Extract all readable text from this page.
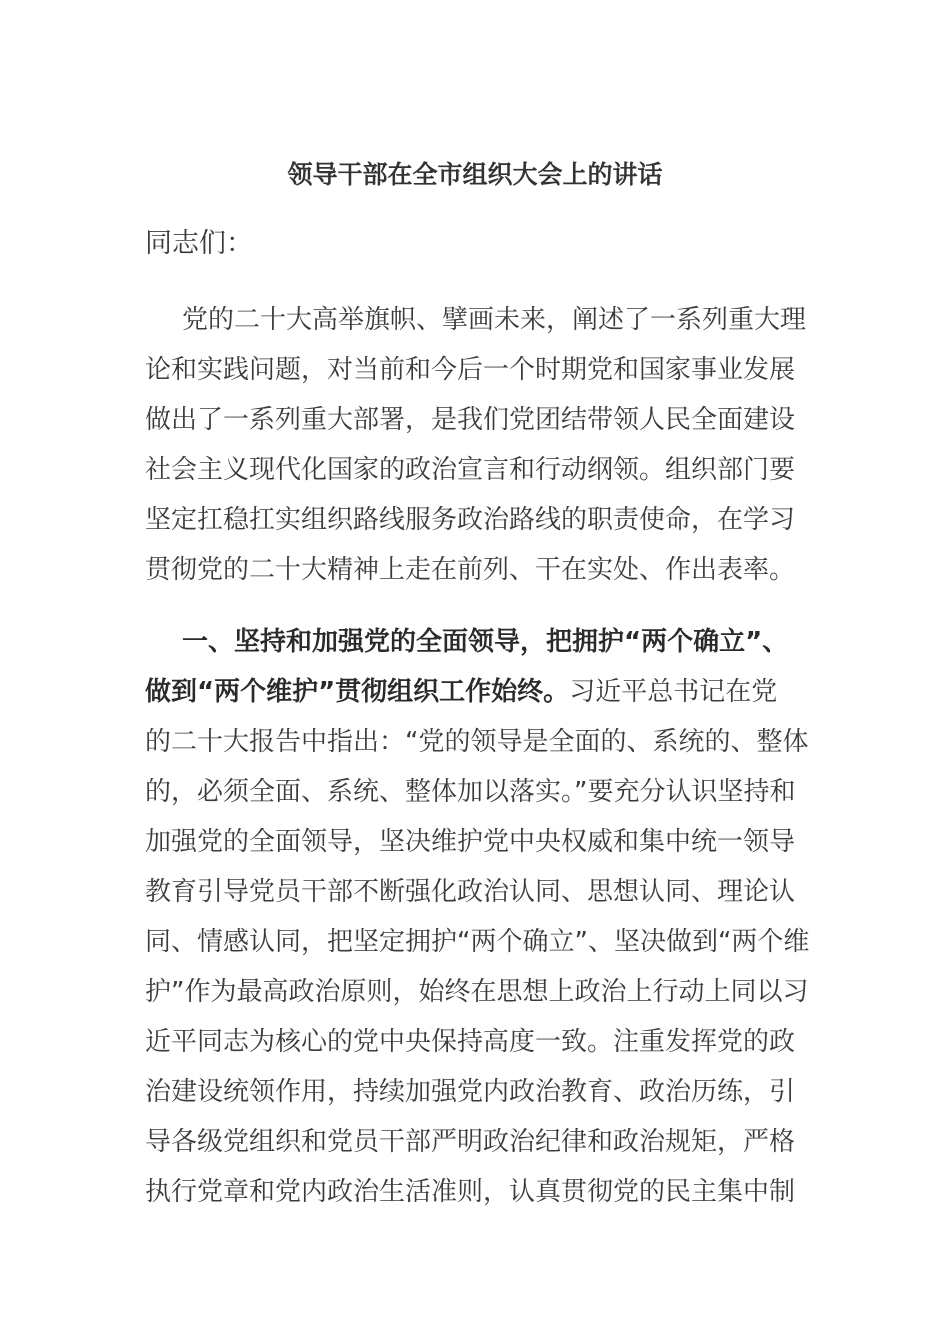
领导干部在全市组织大会上的讲话
同志们：
党的二十大高举旗帜、擘画未来，阐述了一系列重大理
论和实践问题，对当前和今后一个时期党和国家事业发展
做出了一系列重大部署，是我们党团结带领人民全面建设
社会主义现代化国家的政治宣言和行动纲领。组织部门要
坚定扛稳扛实组织路线服务政治路线的职责使命，在学习
贯彻党的二十大精神上走在前列、干在实处、作出表率。
一、坚持和加强党的全面领导，把拥护“两个确立”、
做到“两个维护”贯彻组织工作始终。习近平总书记在党
的二十大报告中指出：“党的领导是全面的、系统的、整体
的，必须全面、系统、整体加以落实。”要充分认识坚持和
加强党的全面领导，坚决维护党中央权威和集中统一领导
教育引导党员干部不断强化政治认同、思想认同、理论认
同、情感认同，把坚定拥护“两个确立”、坚决做到“两个维
护”作为最高政治原则，始终在思想上政治上行动上同以习
近平同志为核心的党中央保持高度一致。注重发挥党的政
治建设统领作用，持续加强党内政治教育、政治历练，引
导各级党组织和党员干部严明政治纪律和政治规矩，严格
执行党章和党内政治生活准则，认真贯彻党的民主集中制
